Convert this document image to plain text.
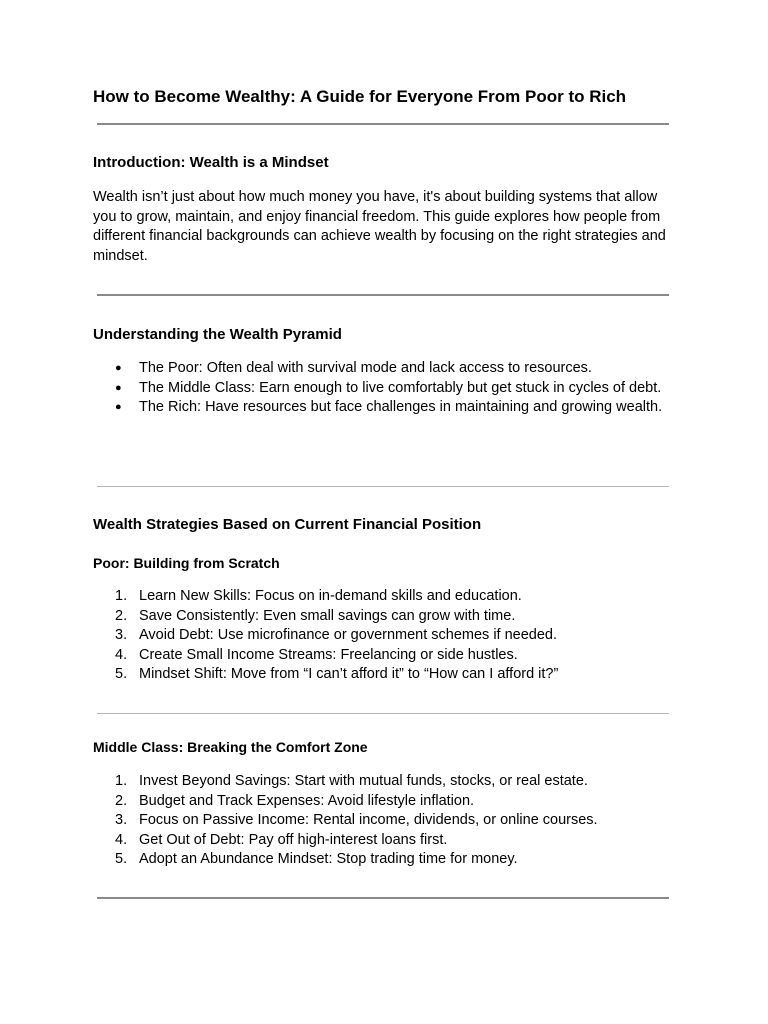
How to Become Wealthy: A Guide for Everyone From Poor to Rich
Introduction: Wealth is a Mindset

Wealth isn’t just about how much money you have, it's about building systems that allow you to grow, maintain, and enjoy financial freedom. This guide explores how people from different financial backgrounds can achieve wealth by focusing on the right strategies and mindset.

Understanding the Wealth Pyramid
●	The Poor: Often deal with survival mode and lack access to resources.
●	The Middle Class: Earn enough to live comfortably but get stuck in cycles of debt.
●	The Rich: Have resources but face challenges in maintaining and growing wealth.
Wealth Strategies Based on Current Financial Position
Poor: Building from Scratch
1. Learn New Skills: Focus on in-demand skills and education.
2. Save Consistently: Even small savings can grow with time.
3. Avoid Debt: Use microfinance or government schemes if needed.
4. Create Small Income Streams: Freelancing or side hustles.
5. Mindset Shift: Move from “I can’t afford it” to “How can I afford it?”
Middle Class: Breaking the Comfort Zone
1. Invest Beyond Savings: Start with mutual funds, stocks, or real estate.
2. Budget and Track Expenses: Avoid lifestyle inflation.
3. Focus on Passive Income: Rental income, dividends, or online courses.
4. Get Out of Debt: Pay off high-interest loans first.
5. Adopt an Abundance Mindset: Stop trading time for money.
